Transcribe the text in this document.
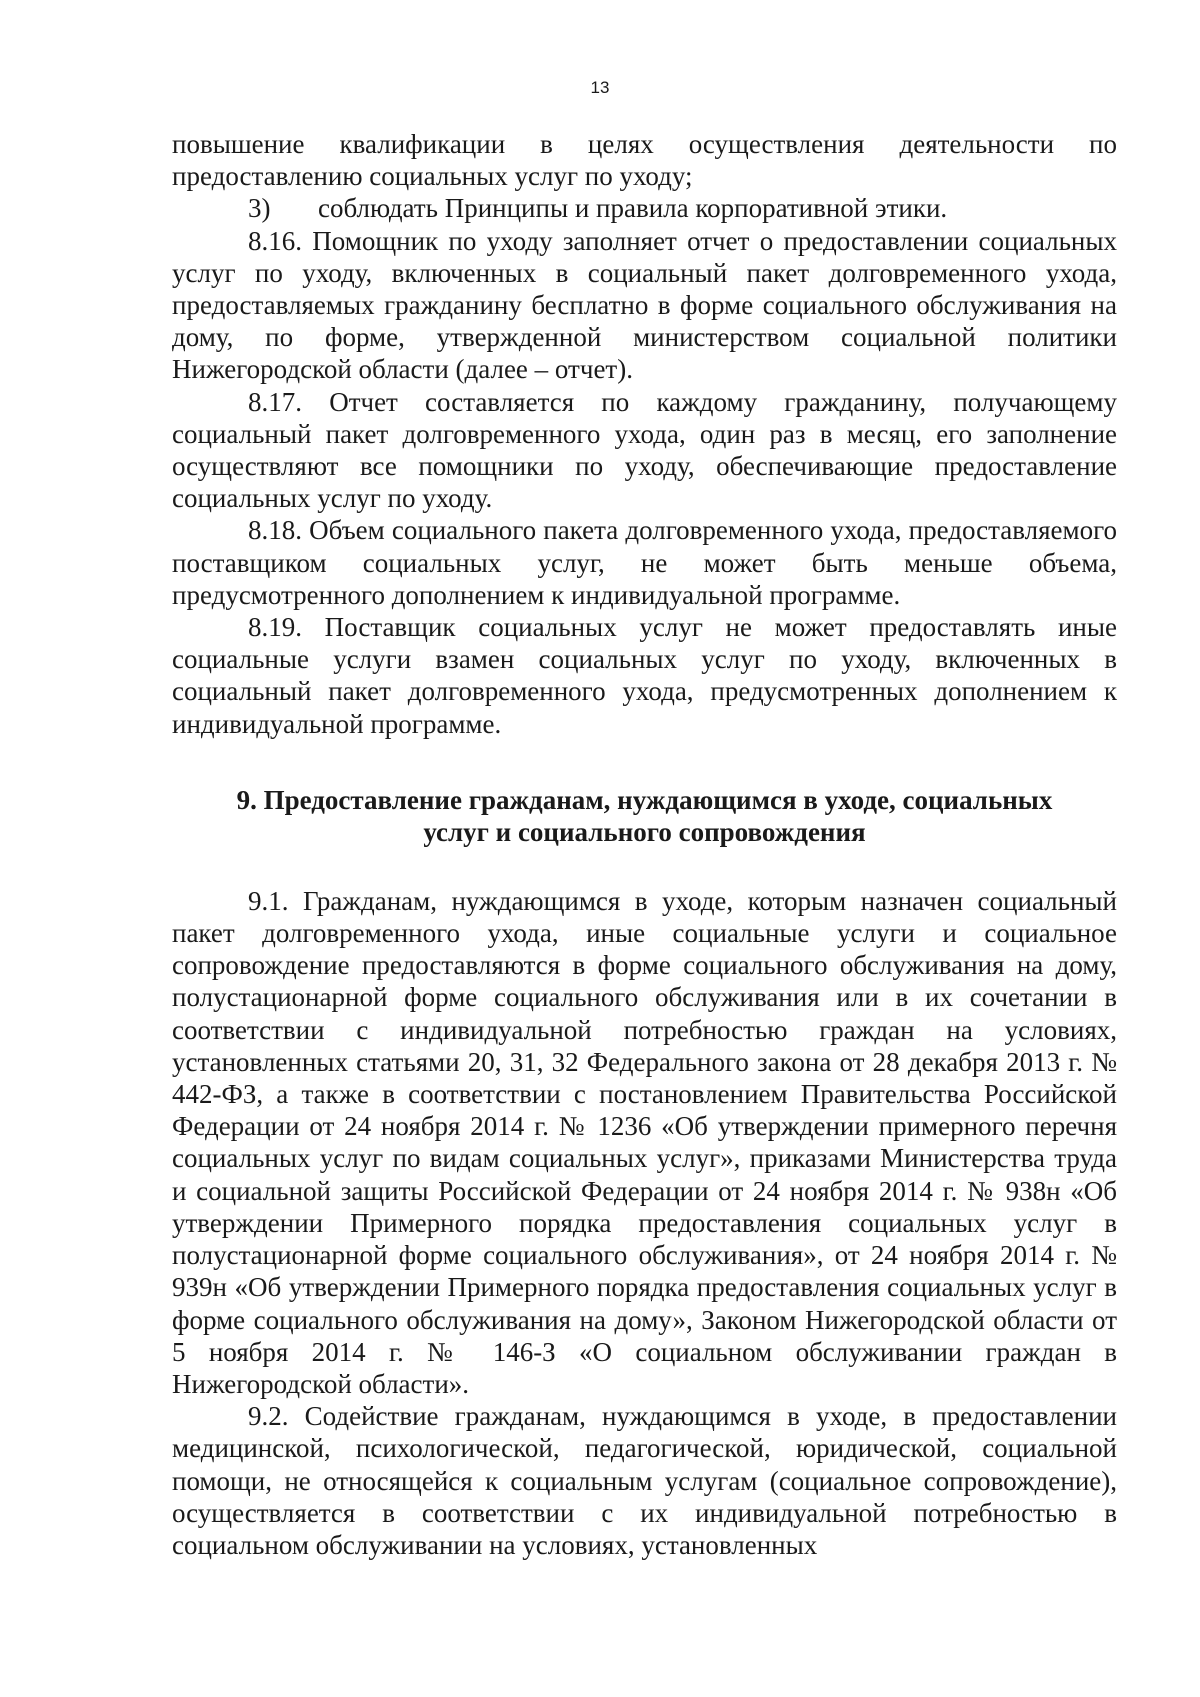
13

повышение квалификации в целях осуществления деятельности по предоставлению социальных услуг по уходу;

3)	соблюдать Принципы и правила корпоративной этики.

8.16. Помощник по уходу заполняет отчет о предоставлении социальных услуг по уходу, включенных в социальный пакет долговременного ухода, предоставляемых гражданину бесплатно в форме социального обслуживания на дому, по форме, утвержденной министерством социальной политики Нижегородской области (далее – отчет).

8.17. Отчет составляется по каждому гражданину, получающему социальный пакет долговременного ухода, один раз в месяц, его заполнение осуществляют все помощники по уходу, обеспечивающие предоставление социальных услуг по уходу.

8.18. Объем социального пакета долговременного ухода, предоставляемого поставщиком социальных услуг, не может быть меньше объема, предусмотренного дополнением к индивидуальной программе.

8.19. Поставщик социальных услуг не может предоставлять иные социальные услуги взамен социальных услуг по уходу, включенных в социальный пакет долговременного ухода, предусмотренных дополнением к индивидуальной программе.

9. Предоставление гражданам, нуждающимся в уходе, социальных
услуг и социального сопровождения

9.1. Гражданам, нуждающимся в уходе, которым назначен социальный пакет долговременного ухода, иные социальные услуги и социальное сопровождение предоставляются в форме социального обслуживания на дому, полустационарной форме социального обслуживания или в их сочетании в соответствии с индивидуальной потребностью граждан на условиях, установленных статьями 20, 31, 32 Федерального закона от 28 декабря 2013 г. № 442-ФЗ, а также в соответствии с постановлением Правительства Российской Федерации от 24 ноября 2014 г. № 1236 «Об утверждении примерного перечня социальных услуг по видам социальных услуг», приказами Министерства труда и социальной защиты Российской Федерации от 24 ноября 2014 г. № 938н «Об утверждении Примерного порядка предоставления социальных услуг в полустационарной форме социального обслуживания», от 24 ноября 2014 г. № 939н «Об утверждении Примерного порядка предоставления социальных услуг в форме социального обслуживания на дому», Законом Нижегородской области от 5 ноября 2014 г. № 146-З «О социальном обслуживании граждан в Нижегородской области».

9.2. Содействие гражданам, нуждающимся в уходе, в предоставлении медицинской, психологической, педагогической, юридической, социальной помощи, не относящейся к социальным услугам (социальное сопровождение), осуществляется в соответствии с их индивидуальной потребностью в социальном обслуживании на условиях, установленных
